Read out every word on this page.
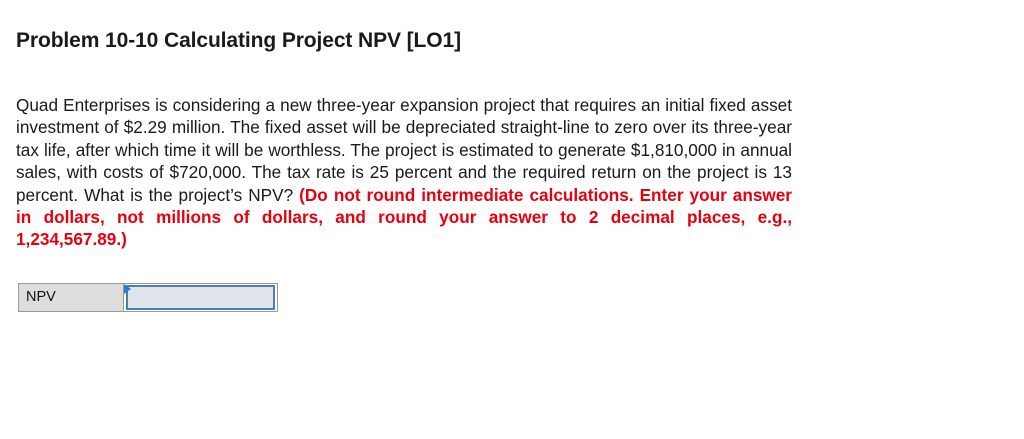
Problem 10-10 Calculating Project NPV [LO1]

Quad Enterprises is considering a new three-year expansion project that requires an initial fixed asset investment of $2.29 million. The fixed asset will be depreciated straight-line to zero over its three-year tax life, after which time it will be worthless. The project is estimated to generate $1,810,000 in annual sales, with costs of $720,000. The tax rate is 25 percent and the required return on the project is 13 percent. What is the project’s NPV? (Do not round intermediate calculations. Enter your answer in dollars, not millions of dollars, and round your answer to 2 decimal places, e.g., 1,234,567.89.)

NPV
